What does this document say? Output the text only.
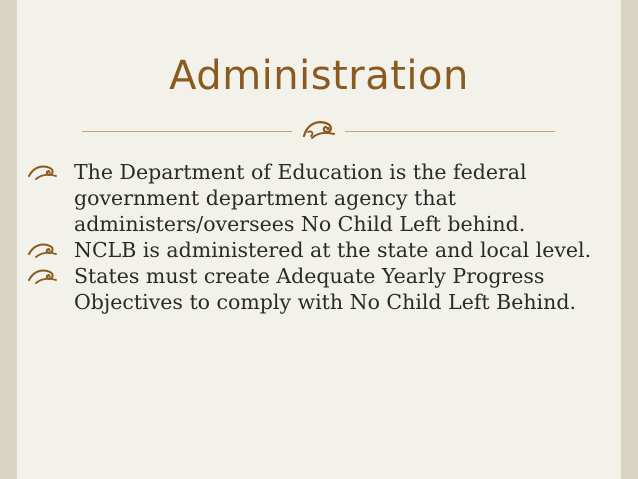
Administration
The Department of Education is the federal government department agency that administers/oversees No Child Left behind.
NCLB is administered at the state and local level.
States must create Adequate Yearly Progress Objectives to comply with No Child Left Behind.
